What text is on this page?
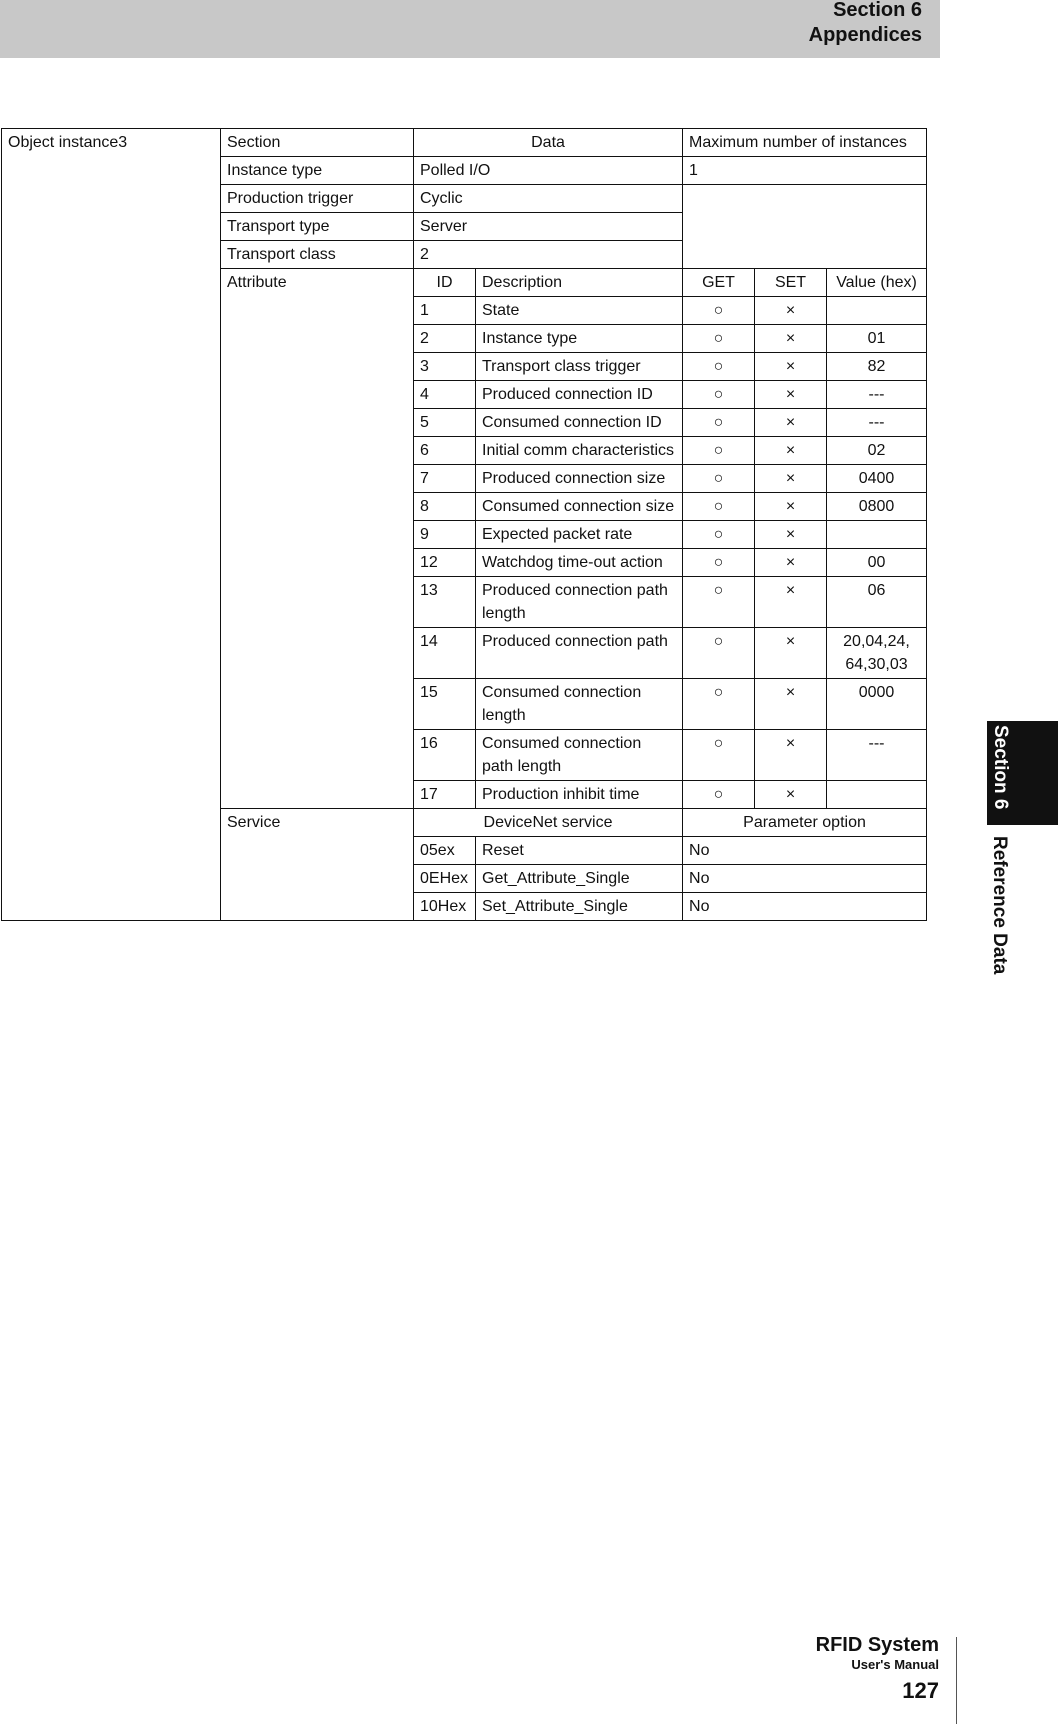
Section 6
Appendices
Section 6
Reference Data
Object instance3	Section	Data		Maximum number of instances		
	Instance type	Polled I/O		1		
	Production trigger	Cyclic				
	Transport type	Server				
	Transport class	2				
	Attribute	ID	Description	GET	SET	Value (hex)
		1	State	○	×	
		2	Instance type	○	×	01
		3	Transport class trigger	○	×	82
		4	Produced connection ID	○	×	---
		5	Consumed connection ID	○	×	---
		6	Initial comm characteristics	○	×	02
		7	Produced connection size	○	×	0400
		8	Consumed connection size	○	×	0800
		9	Expected packet rate	○	×	
		12	Watchdog time-out action	○	×	00
		13	Produced connection path length	○	×	06
		14	Produced connection path	○	×	20,04,24, 64,30,03
		15	Consumed connection length	○	×	0000
		16	Consumed connection path length	○	×	---
		17	Production inhibit time	○	×	
	Service	DeviceNet service		Parameter option		
		05ex	Reset	No		
		0EHex	Get_Attribute_Single	No		
		10Hex	Set_Attribute_Single	No		
RFID System
User's Manual
127
